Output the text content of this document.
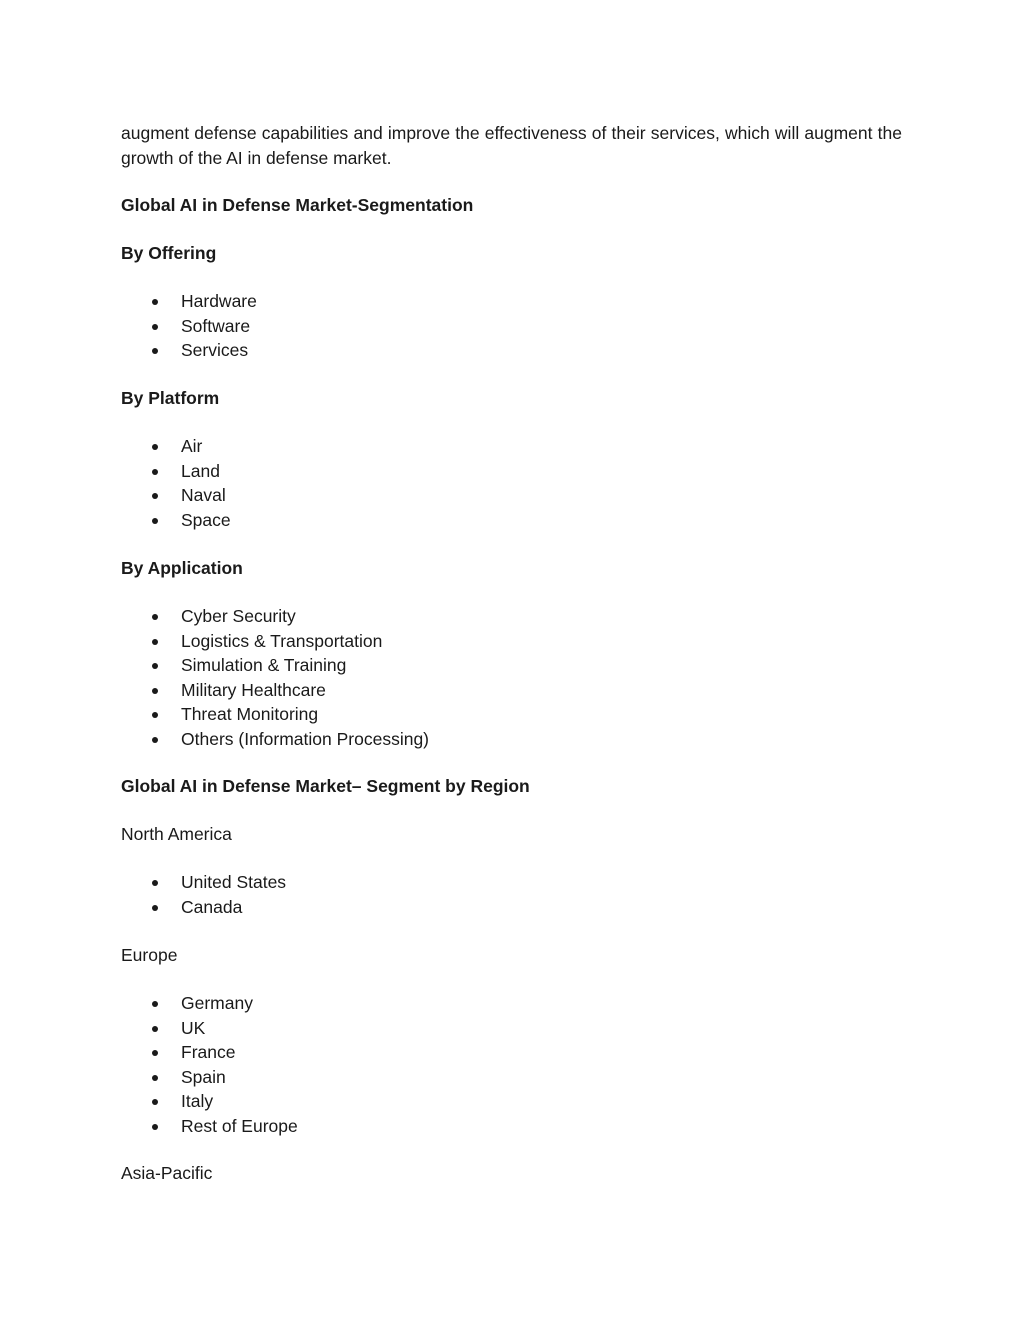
augment defense capabilities and improve the effectiveness of their services, which will augment the growth of the AI in defense market.

Global AI in Defense Market-Segmentation

By Offering

Hardware
Software
Services

By Platform

Air
Land
Naval
Space

By Application

Cyber Security
Logistics & Transportation
Simulation & Training
Military Healthcare
Threat Monitoring
Others (Information Processing)

Global AI in Defense Market– Segment by Region

North America

United States
Canada

Europe

Germany
UK
France
Spain
Italy
Rest of Europe

Asia-Pacific
